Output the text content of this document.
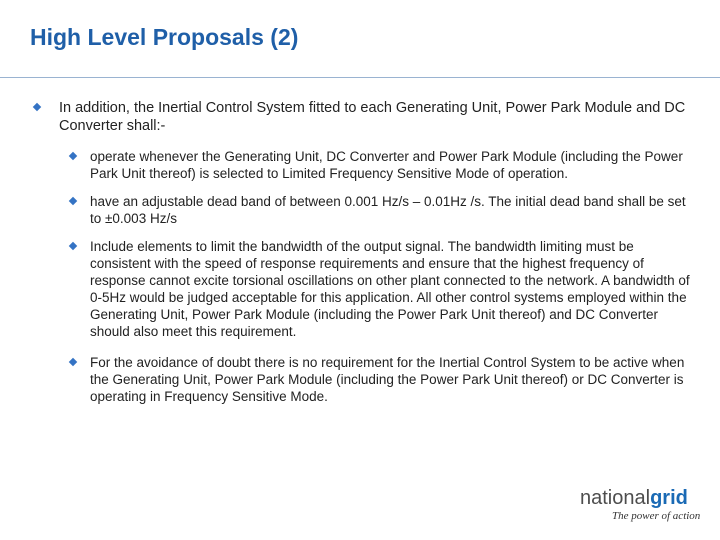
High Level Proposals (2)
In addition, the Inertial Control System fitted to each Generating Unit, Power Park Module and DC Converter shall:-
operate whenever the Generating Unit, DC Converter and Power Park Module (including the Power Park Unit thereof) is selected to Limited Frequency Sensitive Mode of operation.
have an adjustable dead band of between 0.001 Hz/s – 0.01Hz /s. The initial dead band shall be set to ±0.003 Hz/s
Include elements to limit the bandwidth of the output signal. The bandwidth limiting must be consistent with the speed of response requirements and ensure that the highest frequency of response cannot excite torsional oscillations on other plant connected to the network. A bandwidth of 0-5Hz would be judged acceptable for this application. All other control systems employed within the Generating Unit, Power Park Module (including the Power Park Unit thereof) and DC Converter should also meet this requirement.
For the avoidance of doubt there is no requirement for the Inertial Control System to be active when the Generating Unit, Power Park Module (including the Power Park Unit thereof) or DC Converter is operating in Frequency Sensitive Mode.
nationalgrid
The power of action
